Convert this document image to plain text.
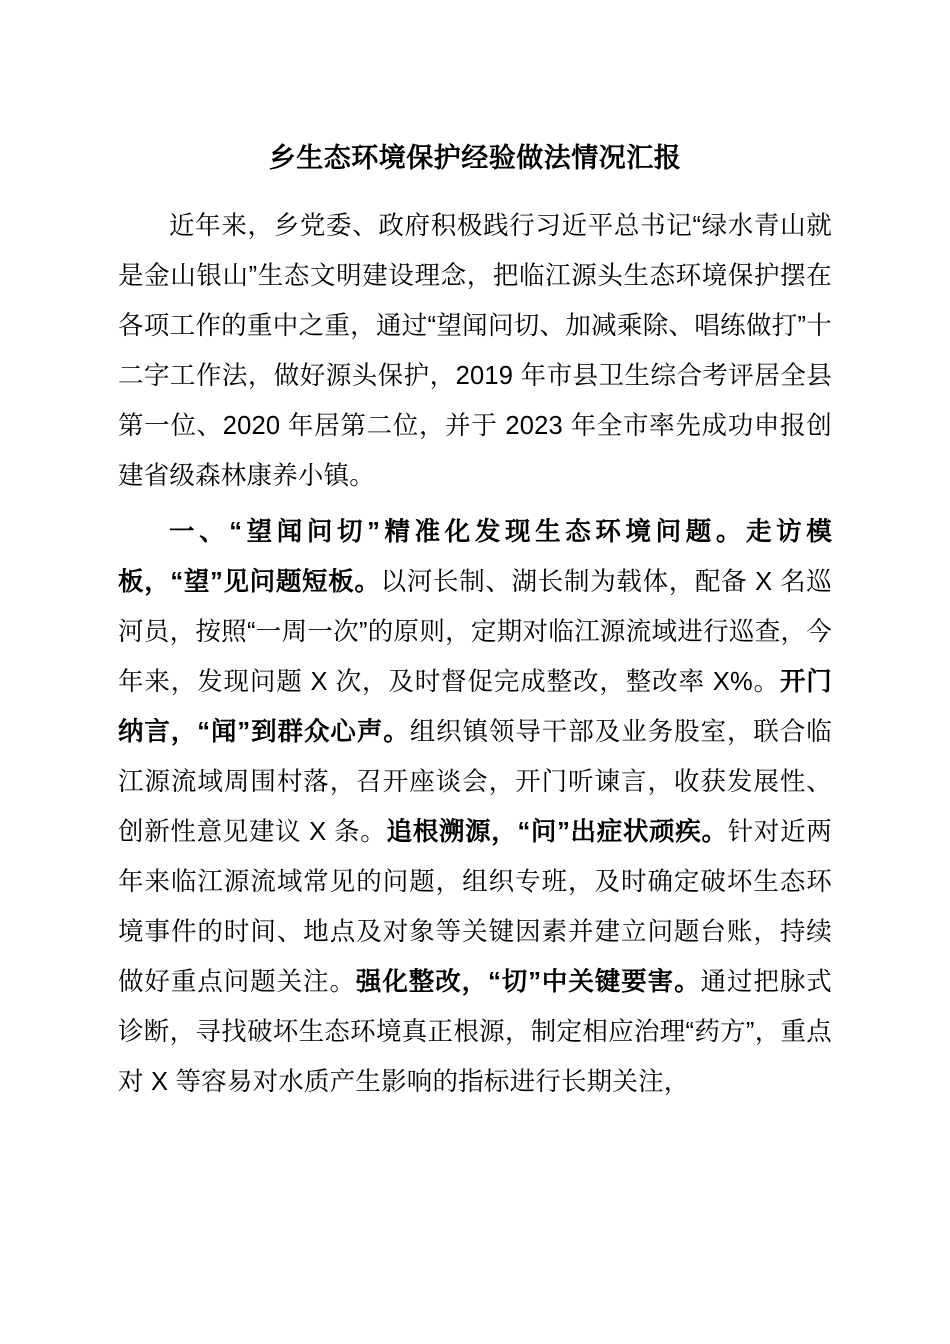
乡生态环境保护经验做法情况汇报

近年来，乡党委、政府积极践行习近平总书记“绿水青山就是金山银山”生态文明建设理念，把临江源头生态环境保护摆在各项工作的重中之重，通过“望闻问切、加减乘除、唱练做打”十二字工作法，做好源头保护，2019 年市县卫生综合考评居全县第一位、2020 年居第二位，并于 2023 年全市率先成功申报创建省级森林康养小镇。

一、“望闻问切”精准化发现生态环境问题。走访模板，“望”见问题短板。以河长制、湖长制为载体，配备 X 名巡河员，按照“一周一次”的原则，定期对临江源流域进行巡查，今年来，发现问题 X 次，及时督促完成整改，整改率 X%。开门纳言，“闻”到群众心声。组织镇领导干部及业务股室，联合临江源流域周围村落，召开座谈会，开门听谏言，收获发展性、创新性意见建议 X 条。追根溯源，“问”出症状顽疾。针对近两年来临江源流域常见的问题，组织专班，及时确定破坏生态环境事件的时间、地点及对象等关键因素并建立问题台账，持续做好重点问题关注。强化整改，“切”中关键要害。通过把脉式诊断，寻找破坏生态环境真正根源，制定相应治理“药方”，重点对 X 等容易对水质产生影响的指标进行长期关注，
